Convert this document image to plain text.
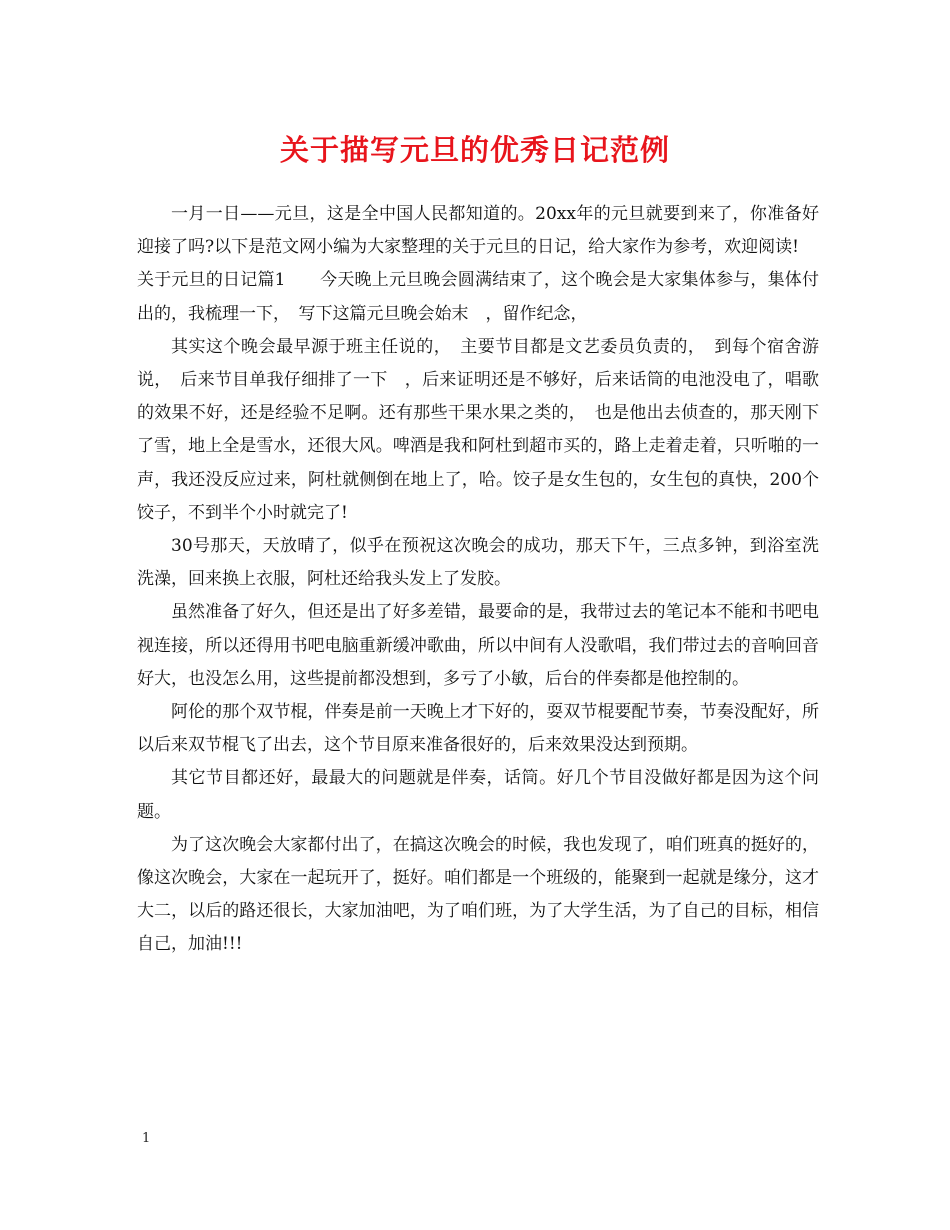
关于描写元旦的优秀日记范例

一月一日——元旦，这是全中国人民都知道的。20xx年的元旦就要到来了，你准备好迎接了吗?以下是范文网小编为大家整理的关于元旦的日记，给大家作为参考，欢迎阅读!

关于元旦的日记篇1　　今天晚上元旦晚会圆满结束了，这个晚会是大家集体参与，集体付出的，我梳理一下，　写下这篇元旦晚会始末　，留作纪念，

其实这个晚会最早源于班主任说的，　主要节目都是文艺委员负责的，　到每个宿舍游说，　后来节目单我仔细排了一下　，后来证明还是不够好，后来话筒的电池没电了，唱歌的效果不好，还是经验不足啊。还有那些干果水果之类的，　也是他出去侦查的，那天刚下了雪，地上全是雪水，还很大风。啤酒是我和阿杜到超市买的，路上走着走着，只听啪的一声，我还没反应过来，阿杜就侧倒在地上了，哈。饺子是女生包的，女生包的真快，200个饺子，不到半个小时就完了!

30号那天，天放晴了，似乎在预祝这次晚会的成功，那天下午，三点多钟，到浴室洗洗澡，回来换上衣服，阿杜还给我头发上了发胶。

虽然准备了好久，但还是出了好多差错，最要命的是，我带过去的笔记本不能和书吧电视连接，所以还得用书吧电脑重新缓冲歌曲，所以中间有人没歌唱，我们带过去的音响回音好大，也没怎么用，这些提前都没想到，多亏了小敏，后台的伴奏都是他控制的。

阿伦的那个双节棍，伴奏是前一天晚上才下好的，耍双节棍要配节奏，节奏没配好，所以后来双节棍飞了出去，这个节目原来准备很好的，后来效果没达到预期。

其它节目都还好，最最大的问题就是伴奏，话筒。好几个节目没做好都是因为这个问题。

为了这次晚会大家都付出了，在搞这次晚会的时候，我也发现了，咱们班真的挺好的，像这次晚会，大家在一起玩开了，挺好。咱们都是一个班级的，能聚到一起就是缘分，这才大二，以后的路还很长，大家加油吧，为了咱们班，为了大学生活，为了自己的目标，相信自己，加油!!!

1
